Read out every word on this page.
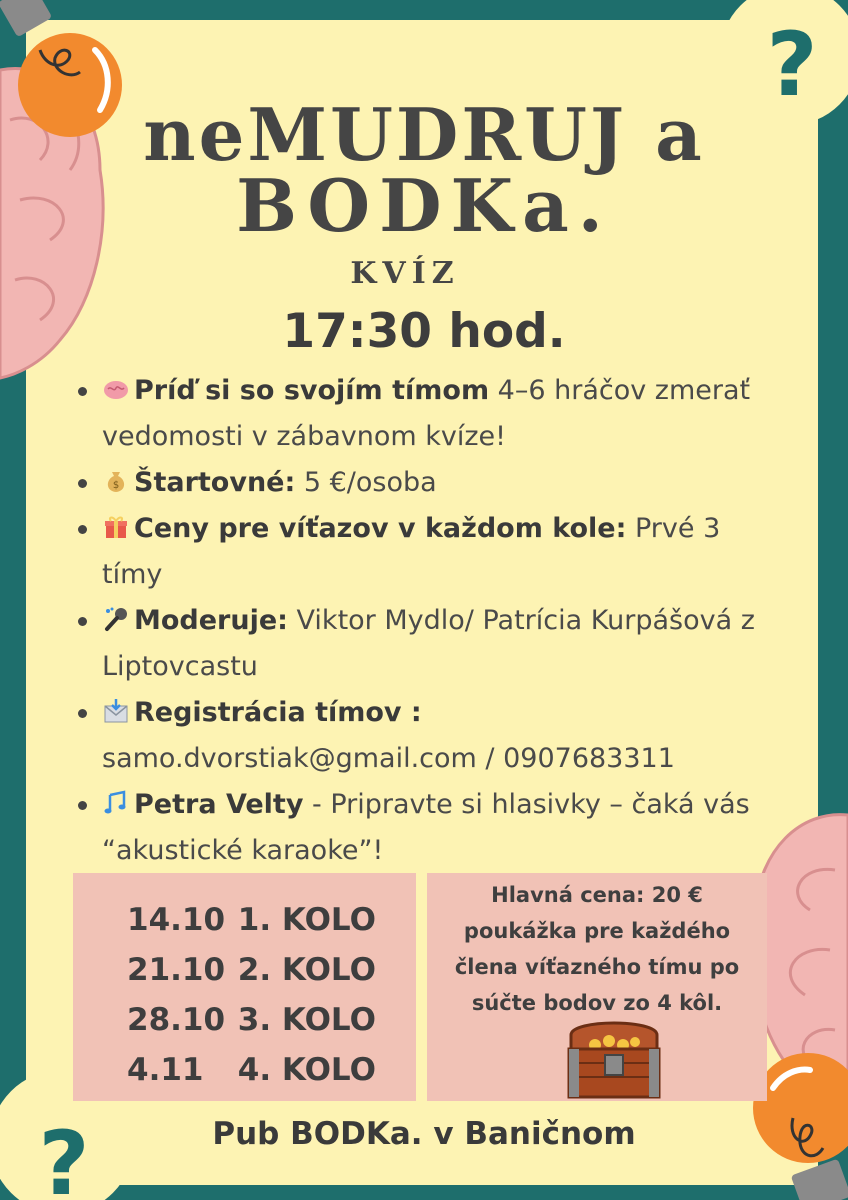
?
?
neMUDRUJ a
BODKa.
KVÍZ
17:30 hod.
Príď si so svojím tímom 4–6 hráčov zmerať vedomosti v zábavnom kvíze!
$ Štartovné: 5 €/osoba
Ceny pre víťazov v každom kole: Prvé 3 tímy
Moderuje: Viktor Mydlo/ Patrícia Kurpášová z Liptovcastu
Registrácia tímov : samo.dvorstiak@gmail.com / 0907683311
Petra Velty - Pripravte si hlasivky – čaká vás “akustické karaoke”!
14.10 1. KOLO
21.10 2. KOLO
28.10 3. KOLO
4.11 4. KOLO
Hlavná cena: 20 €
poukážka pre každého
člena víťazného tímu po
súčte bodov zo 4 kôl.
Pub BODKa. v Baničnom
